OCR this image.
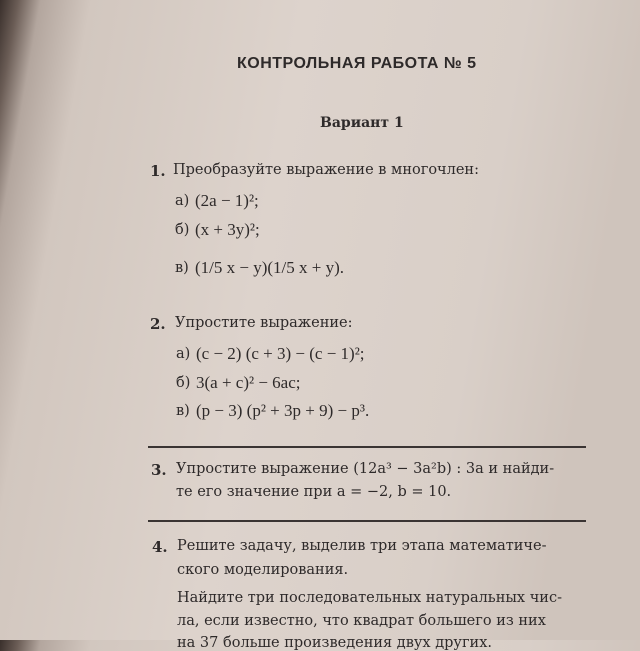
КОНТРОЛЬНАЯ РАБОТА № 5
Вариант 1
1. Преобразуйте выражение в многочлен:
а) (2a − 1)²;
б) (x + 3y)²;
в) (1/5 x − y)(1/5 x + y).
2. Упростите выражение:
а) (c − 2) (c + 3) − (c − 1)²;
б) 3(a + c)² − 6ac;
в) (p − 3) (p² + 3p + 9) − p³.
3. Упростите выражение (12a³ − 3a²b) : 3a и найди-
те его значение при a = −2, b = 10.
4. Решите задачу, выделив три этапа математиче-
ского моделирования.
Найдите три последовательных натуральных чис-
ла, если известно, что квадрат большего из них
на 37 больше произведения двух других.
